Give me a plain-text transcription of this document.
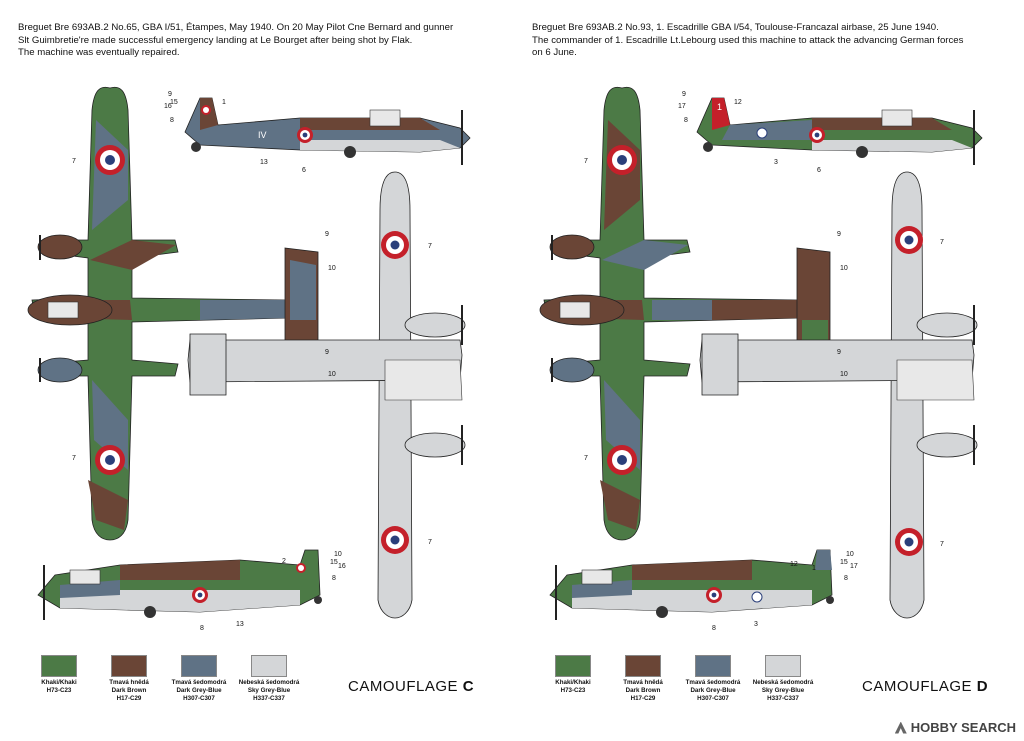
Breguet Bre 693AB.2 No.65, GBA I/51, Étampes, May 1940. On 20 May Pilot Cne Bernard and gunner
Slt Guimbretie're made successful emergency landing at Le Bourget after being shot by Flak.
The machine was eventually repaired.
IV
9
15
16
8
1
13
6
7
7
9
10
9
10
7
7
2
10
15
16
8
8
13
Khaki/Khaki
H73-C23
Tmavá hnědá
Dark Brown
H17-C29
Tmavá šedomodrá
Dark Grey-Blue
H307-C307
Nebeská šedomodrá
Sky Grey-Blue
H337-C337
CAMOUFLAGE C
Breguet Bre 693AB.2 No.93, 1. Escadrille GBA I/54, Toulouse-Francazal airbase, 25 June 1940.
The commander of 1. Escadrille Lt.Lebourg used this machine to attack the advancing German forces
on 6 June.
1
9
17
8
12
3
6
7
7
9
10
9
10
7
7
12
1
10
15
17
8
8
3
Khaki/Khaki
H73-C23
Tmavá hnědá
Dark Brown
H17-C29
Tmavá šedomodrá
Dark Grey-Blue
H307-C307
Nebeská šedomodrá
Sky Grey-Blue
H337-C337
CAMOUFLAGE D
HOBBY SEARCH
